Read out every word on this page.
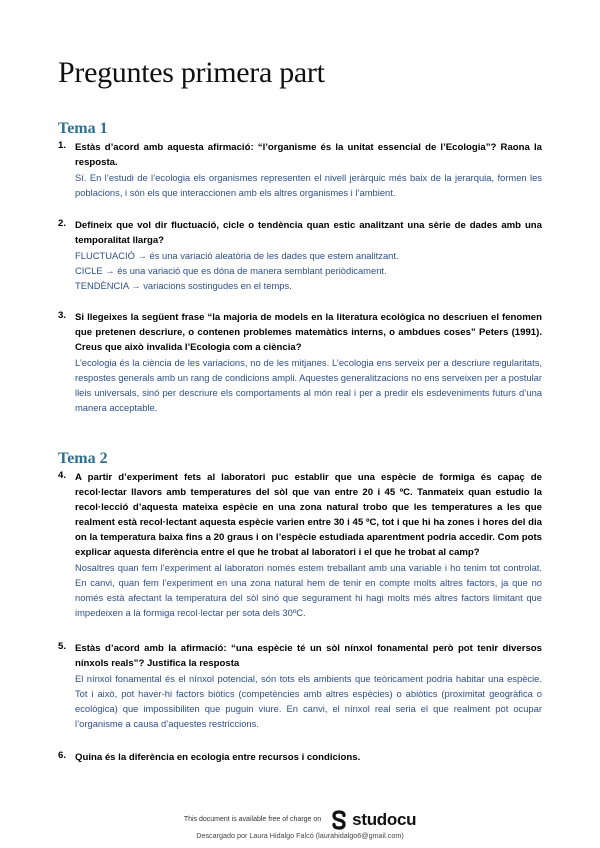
Preguntes primera part
Tema 1
1. Estàs d’acord amb aquesta afirmació: “l’organisme és la unitat essencial de l’Ecologia”? Raona la resposta.

Sí. En l’estudi de l’ecologia els organismes representen el nivell jeràrquic més baix de la jerarquia, formen les poblacions, i són els que interaccionen amb els altres organismes i l’ambient.

2. Defineix que vol dir fluctuació, cicle o tendència quan estic analitzant una sèrie de dades amb una temporalitat llarga?

FLUCTUACIÓ → és una variació aleatòria de les dades que estem analitzant.

CICLE → és una variació que es dóna de manera semblant periòdicament.

TENDÈNCIA → variacions sostingudes en el temps.

3. Si llegeixes la següent frase “la majoria de models en la literatura ecològica no descriuen el fenomen que pretenen descriure, o contenen problemes matemàtics interns, o ambdues coses” Peters (1991). Creus que això invalida l’Ecologia com a ciència?

L’ecologia és la ciència de les variacions, no de les mitjanes. L’ecologia ens serveix per a descriure regularitats, respostes generals amb un rang de condicions ampli. Aquestes generalitzacions no ens serveixen per a postular lleis universals, sinó per descriure els comportaments al món real i per a predir els esdeveniments futurs d’una manera acceptable.

Tema 2
4. A partir d’experiment fets al laboratori puc establir que una espècie de formiga és capaç de recol·lectar llavors amb temperatures del sòl que van entre 20 i 45 ºC. Tanmateix quan estudio la recol·lecció d’aquesta mateixa espècie en una zona natural trobo que les temperatures a les que realment està recol·lectant aquesta espècie varien entre 30 i 45 ºC, tot i que hi ha zones i hores del dia on la temperatura baixa fins a 20 graus i on l’espècie estudiada aparentment podria accedir. Com pots explicar aquesta diferència entre el que he trobat al laboratori i el que he trobat al camp?

Nosaltres quan fem l’experiment al laboratori només estem treballant amb una variable i ho tenim tot controlat. En canvi, quan fem l’experiment en una zona natural hem de tenir en compte molts altres factors, ja que no només està afectant la temperatura del sòl sinó que segurament hi hagi molts més altres factors limitant que impedeixen a la formiga recol·lectar per sota dels 30ºC.

5. Estàs d’acord amb la afirmació: “una espècie té un sòl nínxol fonamental però pot tenir diversos nínxols reals”? Justifica la resposta

El nínxol fonamental és el nínxol potencial, són tots els ambients que teòricament podria habitar una espècie. Tot i això, pot haver-hi factors biòtics (competències amb altres espècies) o abiòtics (proximitat geogràfica o ecològica) que impossibiliten que puguin viure. En canvi, el nínxol real seria el que realment pot ocupar l’organisme a causa d’aquestes restriccions.

6. Quina és la diferència en ecologia entre recursos i condicions.

This document is available free of charge on studocu
Descargado por Laura Hidalgo Falcó (laurahidalgo6@gmail.com)
